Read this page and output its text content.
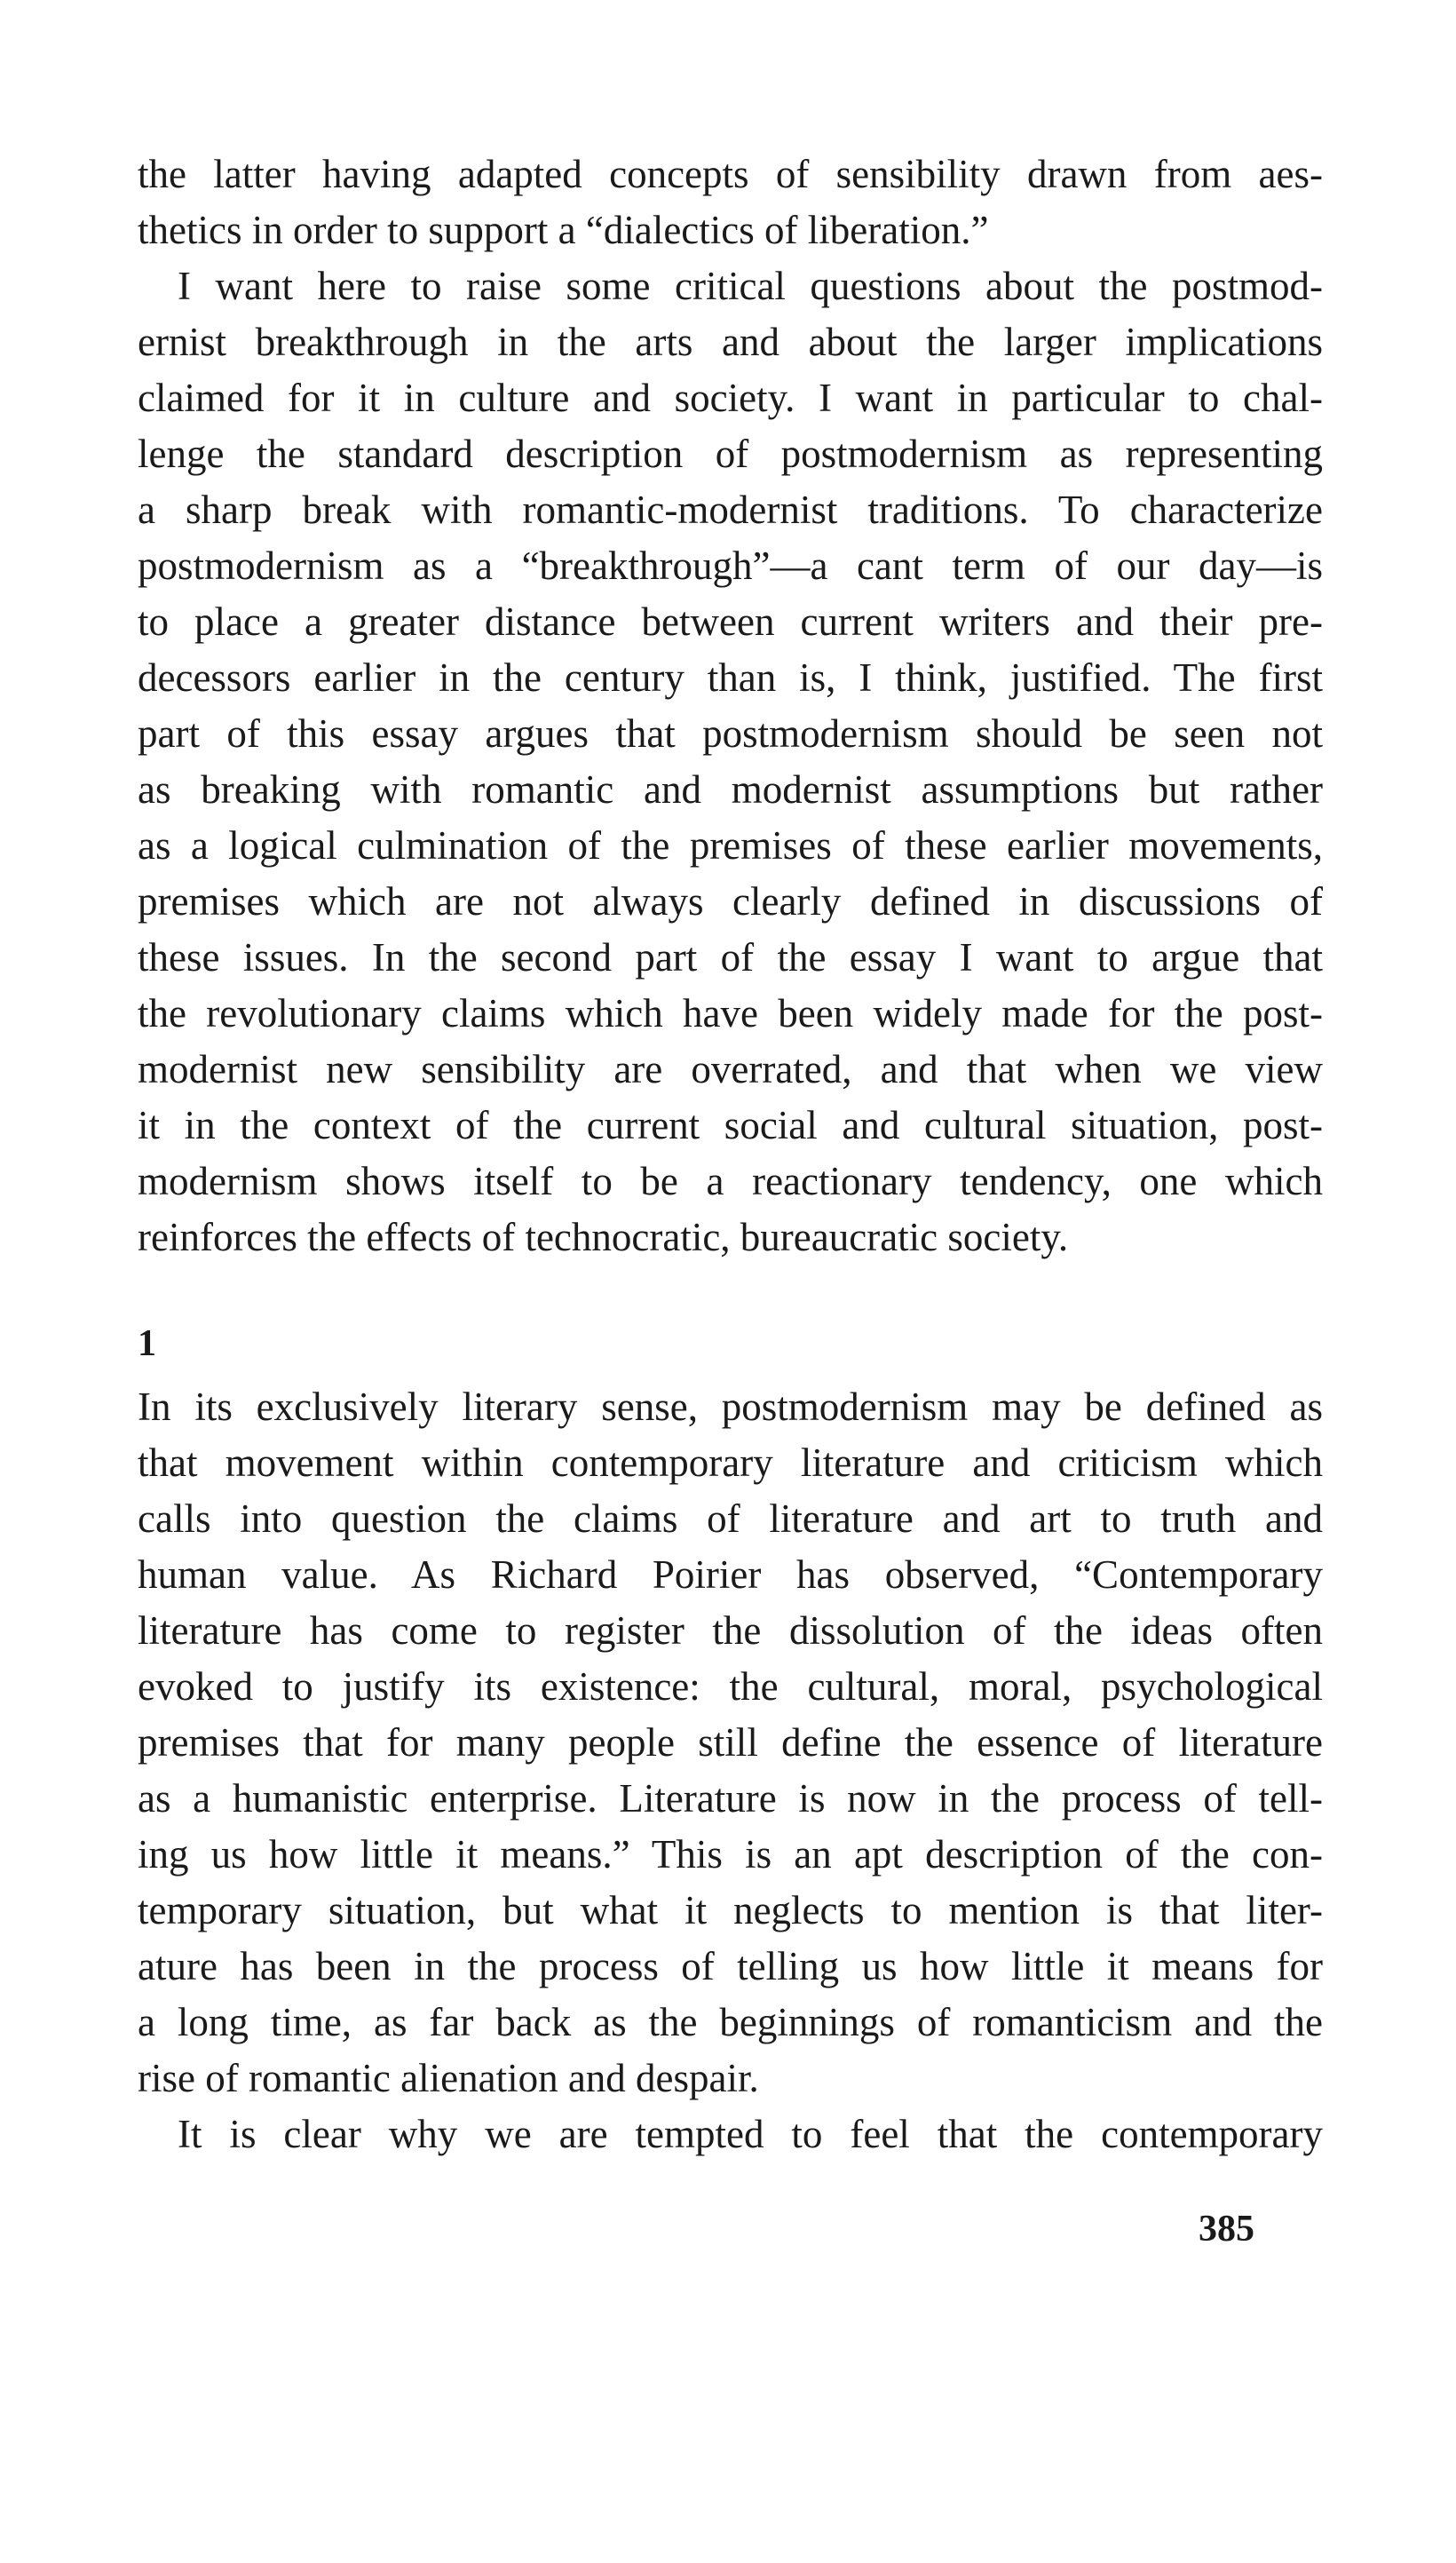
the latter having adapted concepts of sensibility drawn from aes-
thetics in order to support a “dialectics of liberation.”
I want here to raise some critical questions about the postmod-
ernist breakthrough in the arts and about the larger implications
claimed for it in culture and society. I want in particular to chal-
lenge the standard description of postmodernism as representing
a sharp break with romantic-modernist traditions. To characterize
postmodernism as a “breakthrough”—a cant term of our day—is
to place a greater distance between current writers and their pre-
decessors earlier in the century than is, I think, justified. The first
part of this essay argues that postmodernism should be seen not
as breaking with romantic and modernist assumptions but rather
as a logical culmination of the premises of these earlier movements,
premises which are not always clearly defined in discussions of
these issues. In the second part of the essay I want to argue that
the revolutionary claims which have been widely made for the post-
modernist new sensibility are overrated, and that when we view
it in the context of the current social and cultural situation, post-
modernism shows itself to be a reactionary tendency, one which
reinforces the effects of technocratic, bureaucratic society.
1
In its exclusively literary sense, postmodernism may be defined as
that movement within contemporary literature and criticism which
calls into question the claims of literature and art to truth and
human value. As Richard Poirier has observed, “Contemporary
literature has come to register the dissolution of the ideas often
evoked to justify its existence: the cultural, moral, psychological
premises that for many people still define the essence of literature
as a humanistic enterprise. Literature is now in the process of tell-
ing us how little it means.” This is an apt description of the con-
temporary situation, but what it neglects to mention is that liter-
ature has been in the process of telling us how little it means for
a long time, as far back as the beginnings of romanticism and the
rise of romantic alienation and despair.
It is clear why we are tempted to feel that the contemporary
385
